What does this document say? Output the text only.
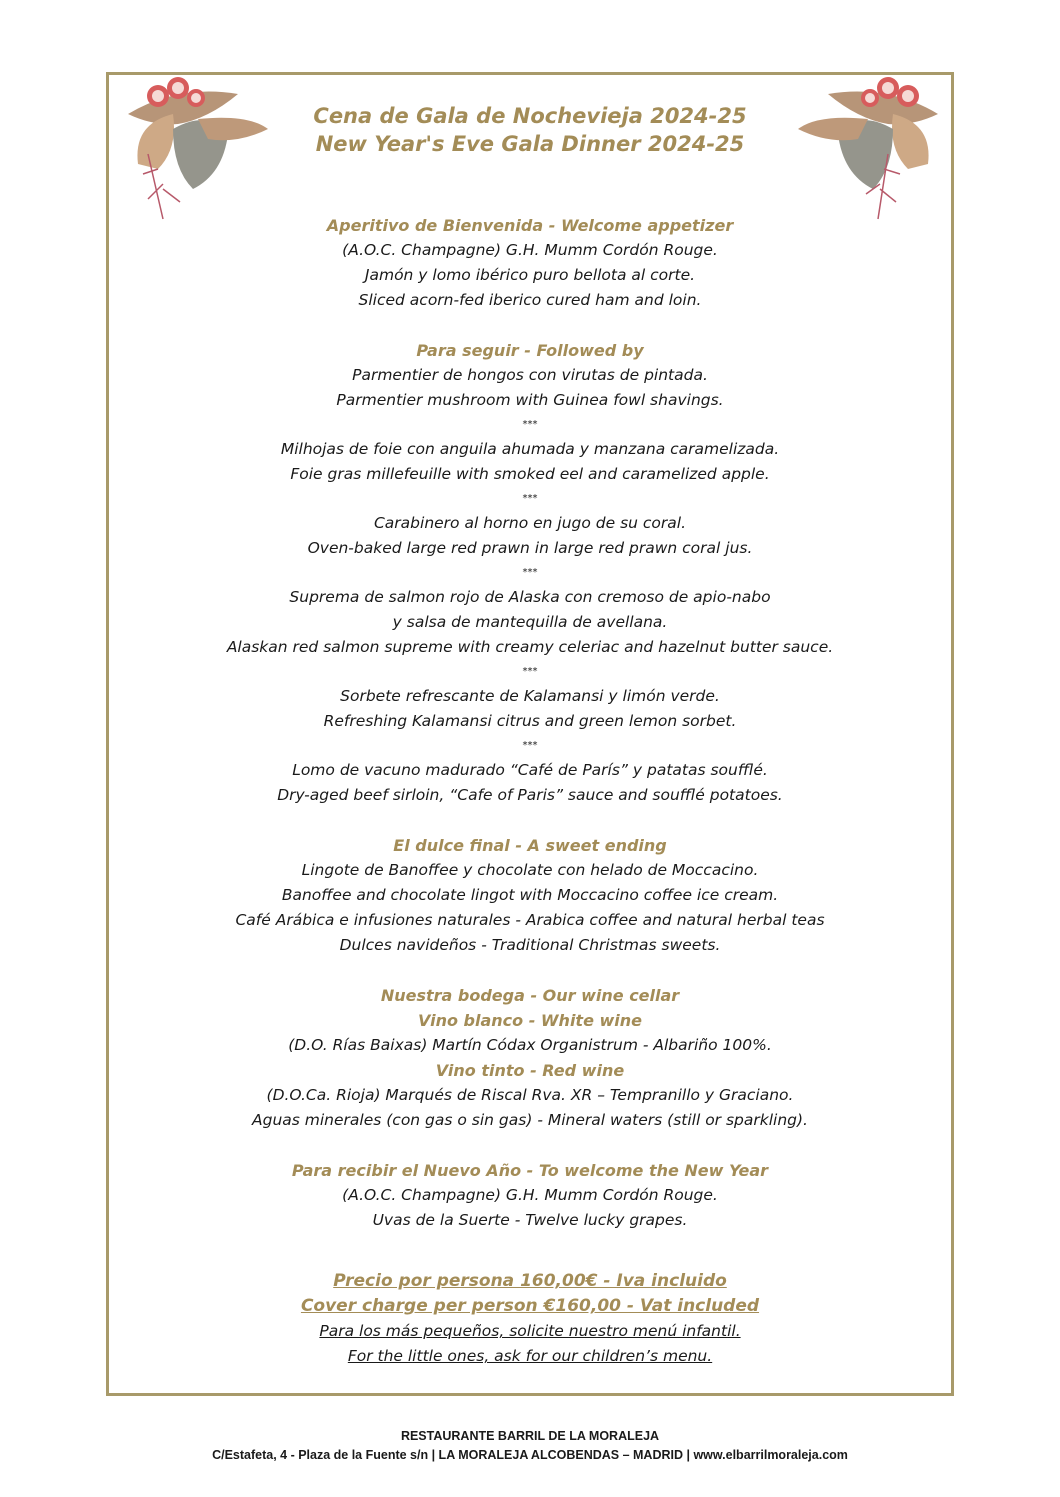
Cena de Gala de Nochevieja 2024-25
New Year's Eve Gala Dinner 2024-25
Aperitivo de Bienvenida - Welcome appetizer
(A.O.C. Champagne) G.H. Mumm Cordón Rouge.
Jamón y lomo ibérico puro bellota al corte.
Sliced acorn-fed iberico cured ham and loin.
Para seguir - Followed by
Parmentier de hongos con virutas de pintada.
Parmentier mushroom with Guinea fowl shavings.
***
Milhojas de foie con anguila ahumada y manzana caramelizada.
Foie gras millefeuille with smoked eel and caramelized apple.
***
Carabinero al horno en jugo de su coral.
Oven-baked large red prawn in large red prawn coral jus.
***
Suprema de salmon rojo de Alaska con cremoso de apio-nabo
y salsa de mantequilla de avellana.
Alaskan red salmon supreme with creamy celeriac and hazelnut butter sauce.
***
Sorbete refrescante de Kalamansi y limón verde.
Refreshing Kalamansi citrus and green lemon sorbet.
***
Lomo de vacuno madurado “Café de París” y patatas soufflé.
Dry-aged beef sirloin, “Cafe of Paris” sauce and soufflé potatoes.
El dulce final - A sweet ending
Lingote de Banoffee y chocolate con helado de Moccacino.
Banoffee and chocolate lingot with Moccacino coffee ice cream.
Café Arábica e infusiones naturales - Arabica coffee and natural herbal teas
Dulces navideños - Traditional Christmas sweets.
Nuestra bodega - Our wine cellar
Vino blanco - White wine
(D.O. Rías Baixas) Martín Códax Organistrum - Albariño 100%.
Vino tinto - Red wine
(D.O.Ca. Rioja) Marqués de Riscal Rva. XR – Tempranillo y Graciano.
Aguas minerales (con gas o sin gas) - Mineral waters (still or sparkling).
Para recibir el Nuevo Año - To welcome the New Year
(A.O.C. Champagne) G.H. Mumm Cordón Rouge.
Uvas de la Suerte - Twelve lucky grapes.
Precio por persona 160,00€ - Iva incluido
Cover charge per person €160,00 - Vat included
Para los más pequeños, solicite nuestro menú infantil.
For the little ones, ask for our children’s menu.
RESTAURANTE BARRIL DE LA MORALEJA
C/Estafeta, 4 - Plaza de la Fuente s/n | LA MORALEJA ALCOBENDAS – MADRID | www.elbarrilmoraleja.com
